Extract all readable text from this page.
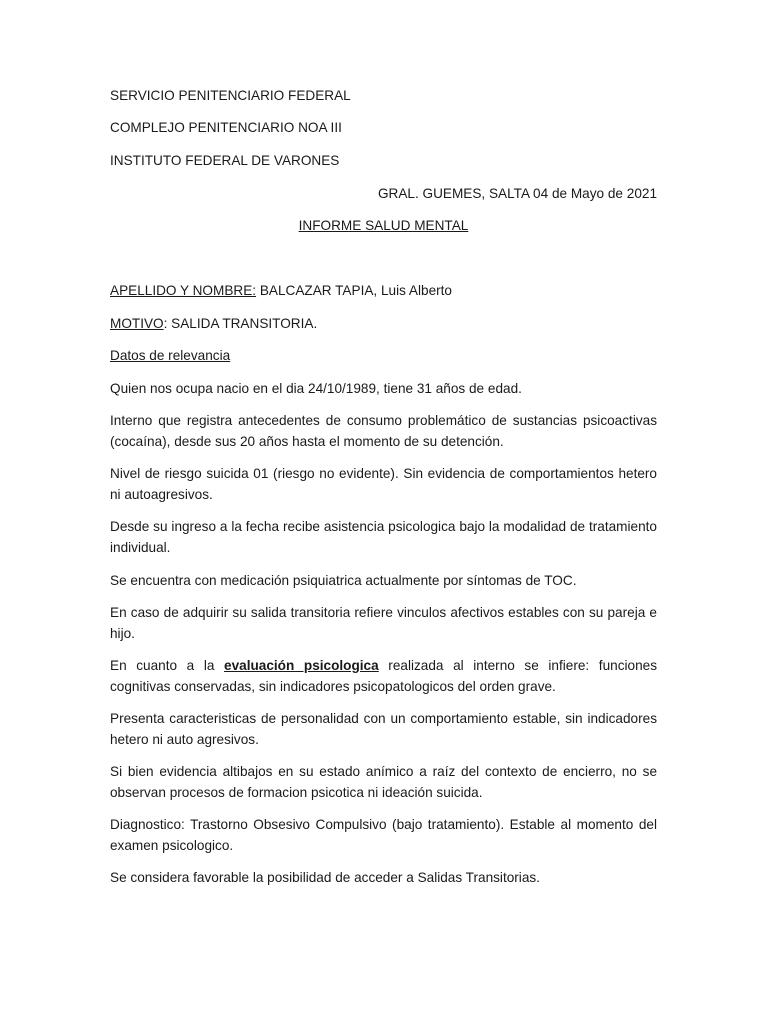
SERVICIO PENITENCIARIO FEDERAL
COMPLEJO PENITENCIARIO NOA III
INSTITUTO FEDERAL DE VARONES
GRAL. GUEMES, SALTA 04 de Mayo de 2021
INFORME SALUD MENTAL
APELLIDO Y NOMBRE: BALCAZAR TAPIA, Luis Alberto
MOTIVO: SALIDA TRANSITORIA.
Datos de relevancia
Quien nos ocupa nacio en el dia 24/10/1989, tiene 31 años de edad.
Interno que registra antecedentes de consumo problemático de sustancias psicoactivas (cocaína), desde sus 20 años hasta el momento de su detención.
Nivel de riesgo suicida 01 (riesgo no evidente). Sin evidencia de comportamientos hetero ni autoagresivos.
Desde su ingreso a la fecha recibe asistencia psicologica bajo la modalidad de tratamiento individual.
Se encuentra con medicación psiquiatrica actualmente por síntomas de TOC.
En caso de adquirir su salida transitoria refiere vinculos afectivos estables con su pareja e hijo.
En cuanto a la evaluación psicologica realizada al interno se infiere: funciones cognitivas conservadas, sin indicadores psicopatologicos del orden grave.
Presenta caracteristicas de personalidad con un comportamiento estable, sin indicadores hetero ni auto agresivos.
Si bien evidencia altibajos en su estado anímico a raíz del contexto de encierro, no se observan procesos de formacion psicotica ni ideación suicida.
Diagnostico: Trastorno Obsesivo Compulsivo (bajo tratamiento). Estable al momento del examen psicologico.
Se considera favorable la posibilidad de acceder a Salidas Transitorias.
